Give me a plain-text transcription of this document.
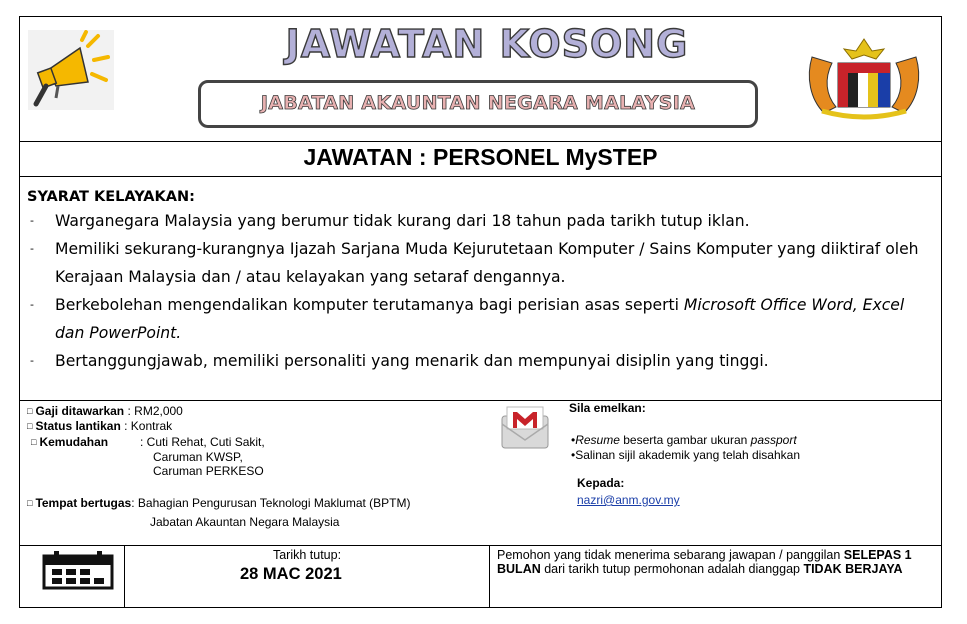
JAWATAN KOSONG
JABATAN AKAUNTAN NEGARA MALAYSIA
JAWATAN : PERSONEL MySTEP
SYARAT KELAYAKAN:
- Warganegara Malaysia yang berumur tidak kurang dari 18 tahun pada tarikh tutup iklan.
- Memiliki sekurang-kurangnya Ijazah Sarjana Muda Kejurutetaan Komputer / Sains Komputer yang diiktiraf oleh Kerajaan Malaysia dan / atau kelayakan yang setaraf dengannya.
- Berkebolehan mengendalikan komputer terutamanya bagi perisian asas seperti Microsoft Office Word, Excel dan PowerPoint.
- Bertanggungjawab, memiliki personaliti yang menarik dan mempunyai disiplin yang tinggi.
□ Gaji ditawarkan : RM2,000
□ Status lantikan : Kontrak
□ Kemudahan	: Cuti Rehat, Cuti Sakit,
Caruman KWSP,
Caruman PERKESO
□ Tempat bertugas: Bahagian Pengurusan Teknologi Maklumat (BPTM)
Jabatan Akauntan Negara Malaysia
Sila emelkan:
•Resume beserta gambar ukuran passport
•Salinan sijil akademik yang telah disahkan
Kepada:
nazri@anm.gov.my
Tarikh tutup:
28 MAC 2021
Pemohon yang tidak menerima sebarang jawapan / panggilan SELEPAS 1 BULAN dari tarikh tutup permohonan adalah dianggap TIDAK BERJAYA
